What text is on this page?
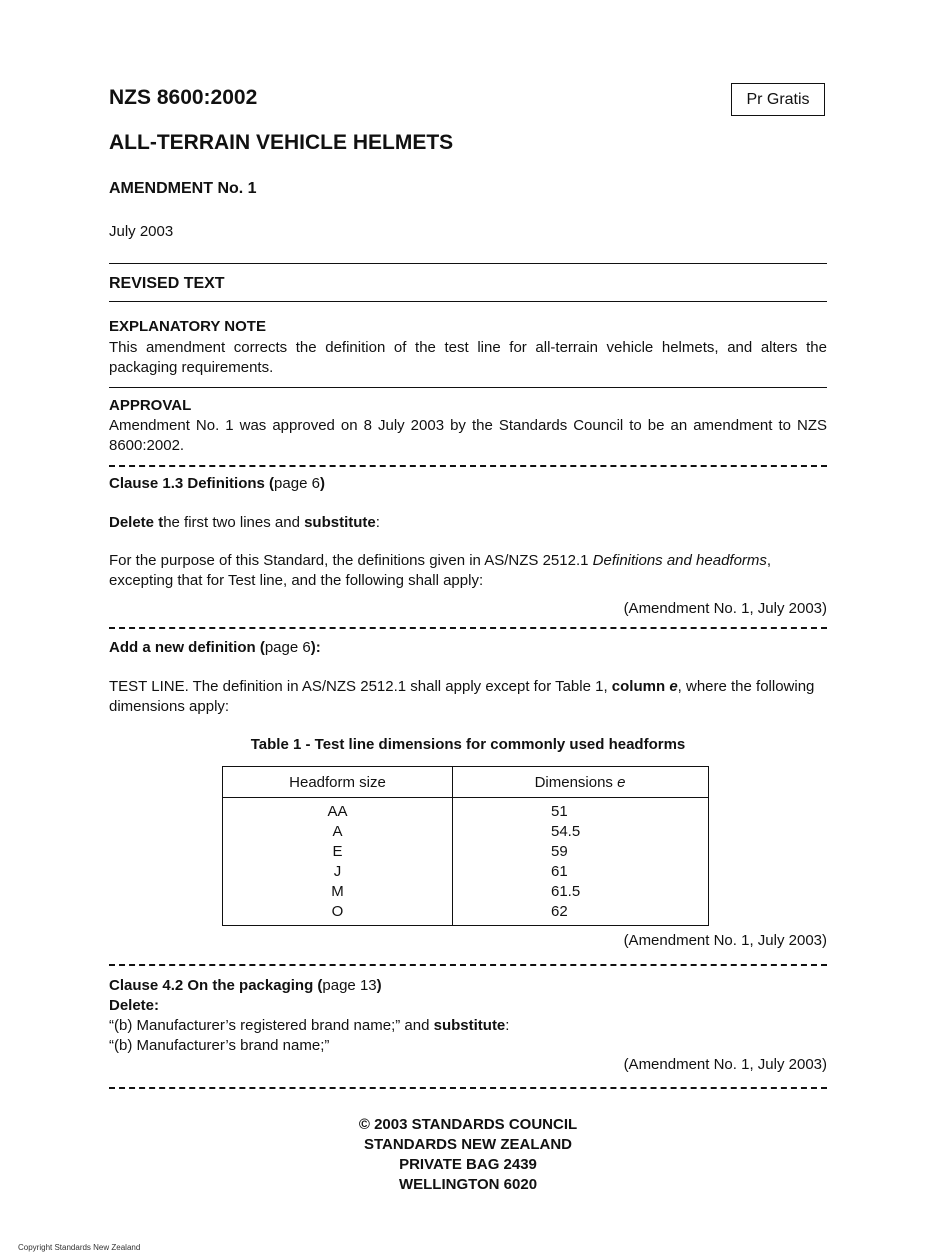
NZS 8600:2002	Pr Gratis
ALL-TERRAIN VEHICLE HELMETS
AMENDMENT No. 1
July 2003
REVISED TEXT
EXPLANATORY NOTE
This amendment corrects the definition of the test line for all-terrain vehicle helmets, and alters the packaging requirements.
APPROVAL
Amendment No. 1 was approved on 8 July 2003 by the Standards Council to be an amendment to NZS 8600:2002.
Clause 1.3 Definitions (page 6)
Delete the first two lines and substitute:
For the purpose of this Standard, the definitions given in AS/NZS 2512.1 Definitions and headforms, excepting that for Test line, and the following shall apply:
(Amendment No. 1, July 2003)
Add a new definition (page 6):
TEST LINE. The definition in AS/NZS 2512.1 shall apply except for Table 1, column e, where the following dimensions apply:
Table 1 - Test line dimensions for commonly used headforms
Headform size	Dimensions e
AA	51
A	54.5
E	59
J	61
M	61.5
O	62
(Amendment No. 1, July 2003)
Clause 4.2 On the packaging (page 13)
Delete:
“(b) Manufacturer’s registered brand name;” and substitute:
“(b) Manufacturer’s brand name;”
(Amendment No. 1, July 2003)
© 2003 STANDARDS COUNCIL
STANDARDS NEW ZEALAND
PRIVATE BAG 2439
WELLINGTON 6020
Copyright Standards New Zealand
